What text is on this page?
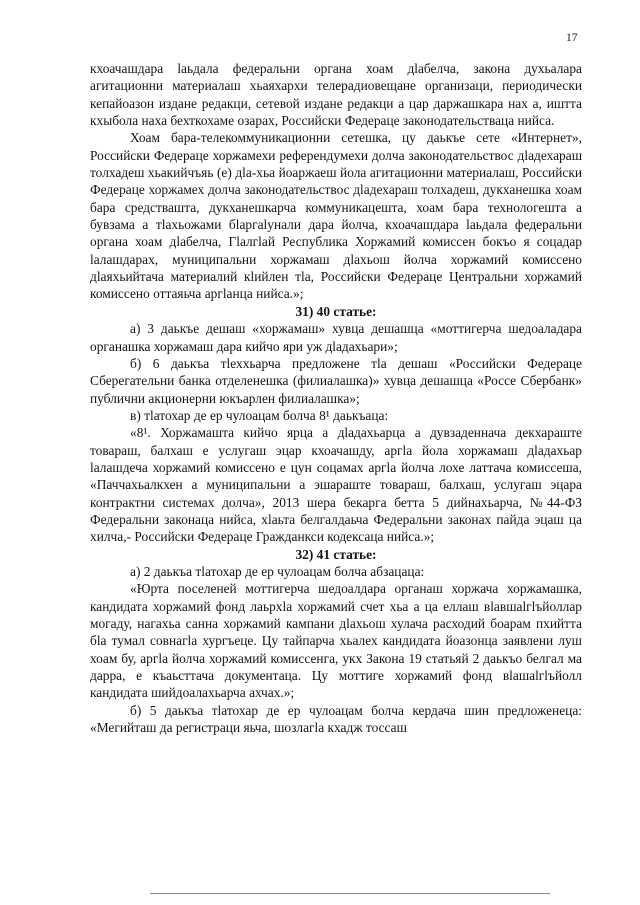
17

кхоачашдара lаьдала федеральни органа хоам дlабелча, закона духьалара агитационни материалаш хьаяхархи телерадиовещане организаци, периодически кепайоазон издане редакци, сетевой издане редакци а цар даржашкара нах а, иштта кхыбола наха бехткохаме озарах, Российски Федераце законодательстваца нийса.

Хоам бара-телекоммуникационни сетешка, цу даькъе сете «Интернет», Российски Федераце хоржамехи референдумехи долча законодательствос дlадехараш толхадеш хьакийчъяь (е) дlа-хьа йоаржаеш йола агитационни материалаш, Российски Федераце хоржамех долча законодательствос дlадехараш толхадеш, дукханешка хоам бара средствашта, дукханешкарча коммуникацешта, хоам бара технологешта а бувзама а тlахьожами бlаргаlунали дара йолча, кхоачашдара lаьдала федеральни органа хоам дlабелча, Гlалгlай Республика Хоржамий комиссен бокъо я соцадар lалашдарах, муниципальни хоржамаш дlахьош йолча хоржамий комиссено дlаяхьийтача материалий кlийлен тlа, Российски Федераце Центральни хоржамий комиссено оттаяьча аргlанца нийса.»;

31) 40 статье:

а) 3 даькъе дешаш «хоржамаш» хувца дешашца «моттигерча шедоаладара органашка хоржамаш дара кийчо яри уж дlадахьари»;

б) 6 даькъа тlеххьарча предложене тlа дешаш «Российски Федераце Сберегательни банка отделенешка (филиалашка)» хувца дешашца «Россе Сбербанк» публични акционерни юкъарлен филиалашка»;

в) тlатохар де ер чулоацам болча 8¹ даькъаца:

«8¹. Хоржамашта кийчо ярца а дlадахьарца а дувзаденнача декхараште товараш, балхаш е услугаш эцар кхоачашду, аргlа йола хоржамаш дlадахьар lалашдеча хоржамий комиссено е цун соцамах аргlа йолча лохе латтача комиссеша, «Паччахьалкхен а муниципальни а эшараште товараш, балхаш, услугаш эцара контрактни системах долча», 2013 шера бекарга бетта 5 дийнахьарча, №44-ФЗ Федеральни законаца нийса, хlаьта белгалдаьча Федеральни законах пайда эцаш ца хилча,- Российски Федераце Гражданкси кодексаца нийса.»;

32) 41 статье:

а) 2 даькъа тlатохар де ер чулоацам болча абзацаца:

«Юрта поселеней моттигерча шедоалдара органаш хоржача хоржамашка, кандидата хоржамий фонд лаьрхlа хоржамий счет хьа а ца еллаш вlавшаlгlъйоллар могаду, нагахьа санна хоржамий кампани дlахьош хулача расходий боарам пхийтта бlа тумал совнагlа хургъеце. Цу тайпарча хьалех кандидата йоазонца заявлени луш хоам бу, аргlа йолча хоржамий комиссенга, укх Закона 19 статьяй 2 даькъо белгал ма дарра, е къаьсттача документаца. Цу моттиге хоржамий фонд вlашаlгlъйолл кандидата шийдоалахьарча ахчах.»;

б) 5 даькъа тlатохар де ер чулоацам болча кердача шин предложенеца: «Мегийташ да регистраци яьча, шозлагlа кхадж тоссаш
